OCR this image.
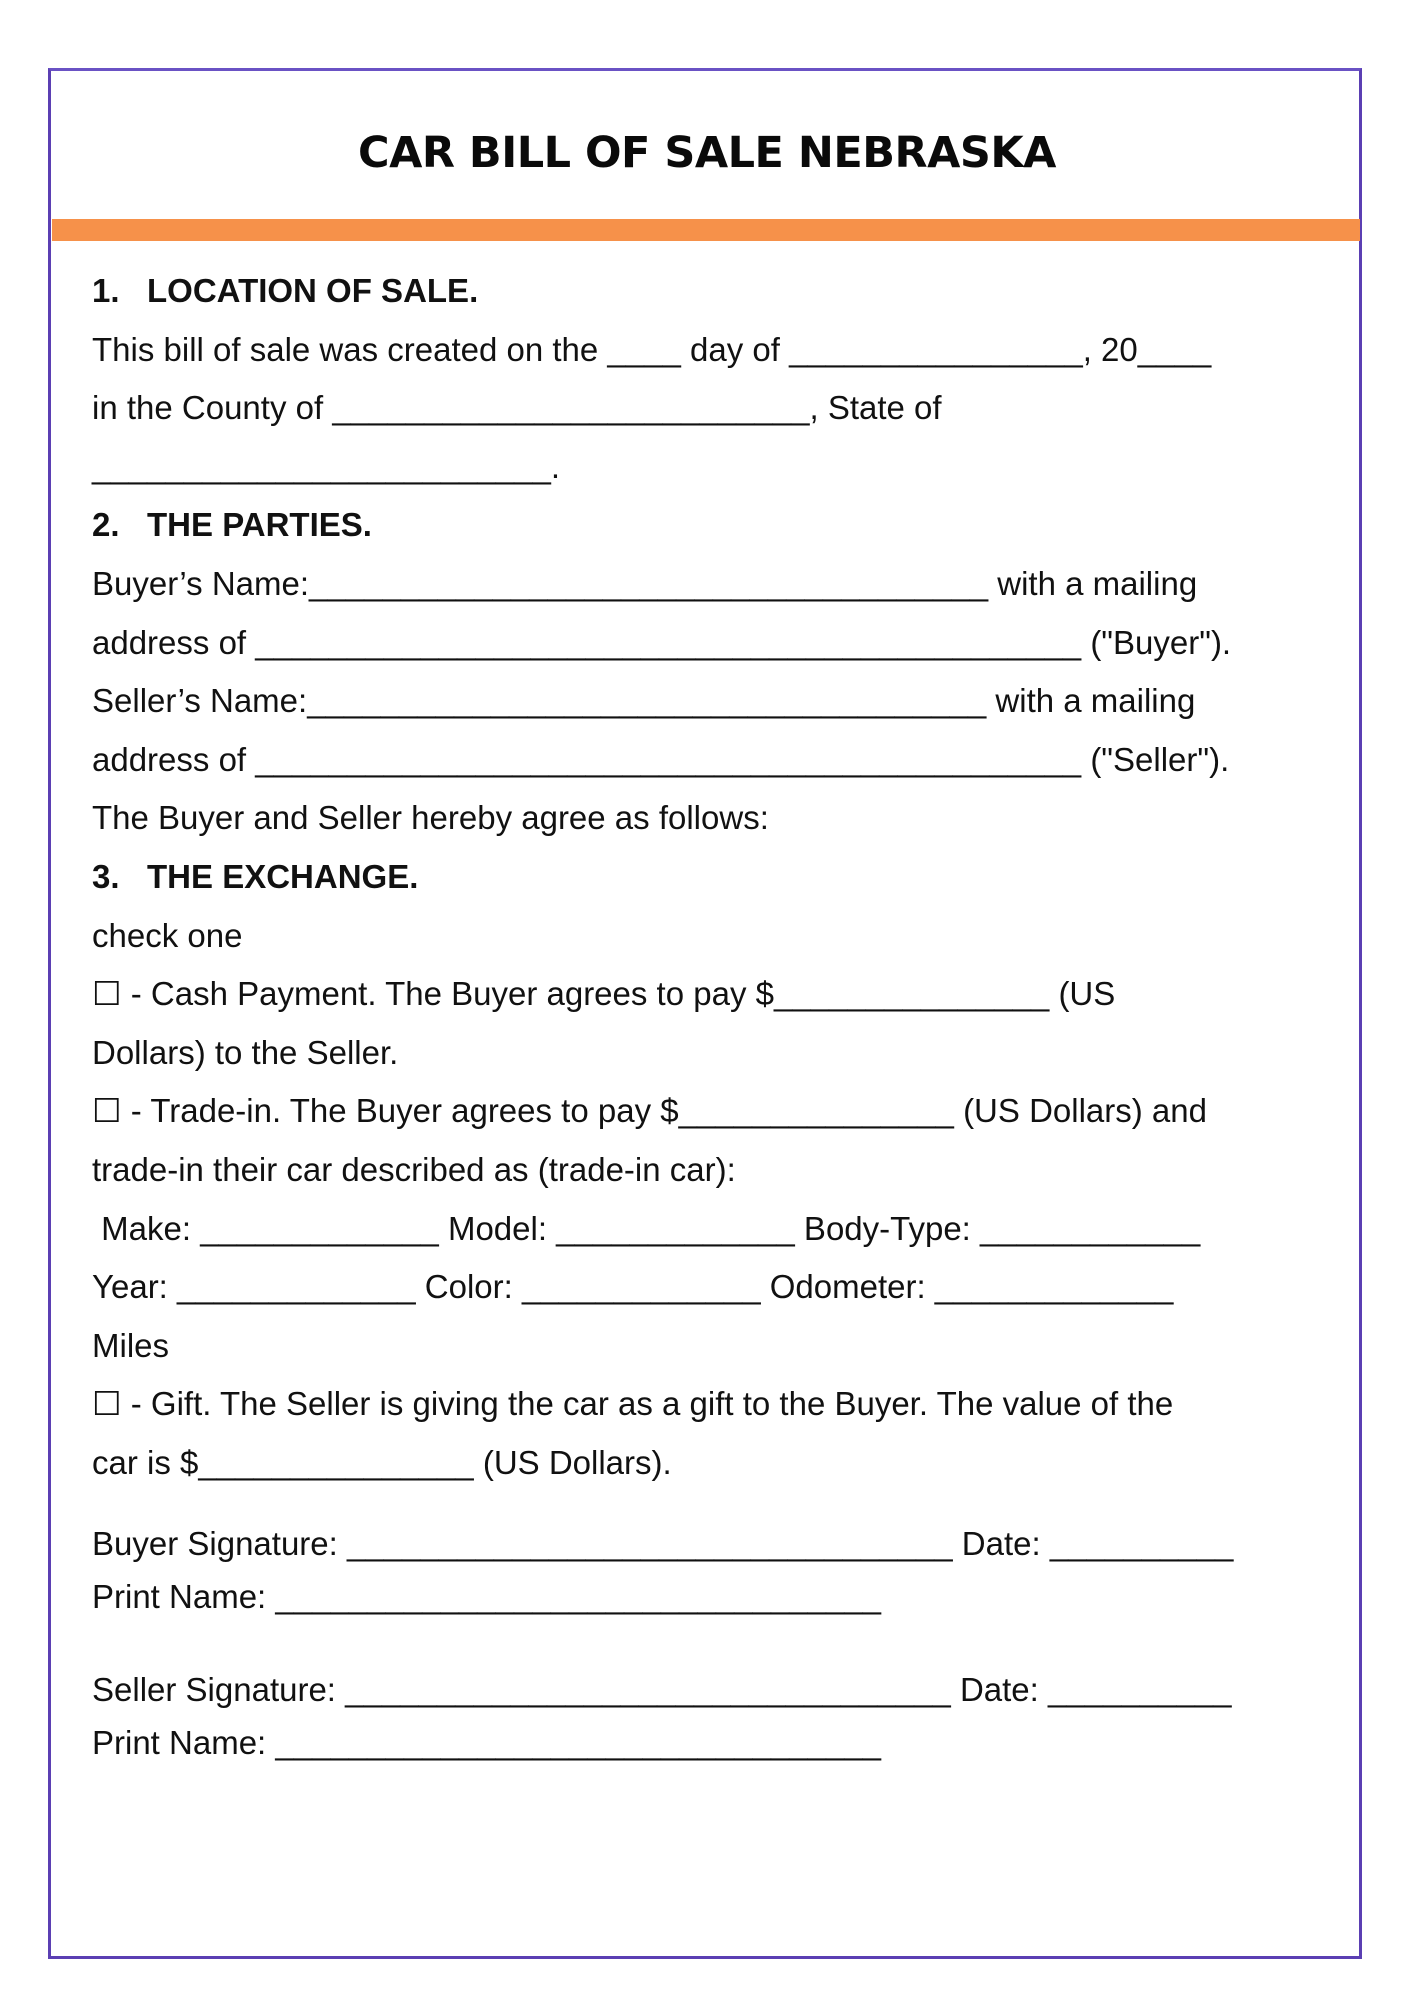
CAR BILL OF SALE NEBRASKA
1.   LOCATION OF SALE.
This bill of sale was created on the ____ day of ________________, 20____
in the County of __________________________, State of
_________________________.
2.   THE PARTIES.
Buyer’s Name:_____________________________________ with a mailing
address of _____________________________________________ ("Buyer").
Seller’s Name:_____________________________________ with a mailing
address of _____________________________________________ ("Seller").
The Buyer and Seller hereby agree as follows:
3.   THE EXCHANGE.
check one
☐ - Cash Payment. The Buyer agrees to pay $_______________ (US
Dollars) to the Seller.
☐ - Trade-in. The Buyer agrees to pay $_______________ (US Dollars) and
trade-in their car described as (trade-in car):
Make: _____________ Model: _____________ Body-Type: ____________
Year: _____________ Color: _____________ Odometer: _____________
Miles
☐ - Gift. The Seller is giving the car as a gift to the Buyer. The value of the
car is $_______________ (US Dollars).
Buyer Signature: _________________________________ Date: __________
Print Name: _________________________________
Seller Signature: _________________________________ Date: __________
Print Name: _________________________________
